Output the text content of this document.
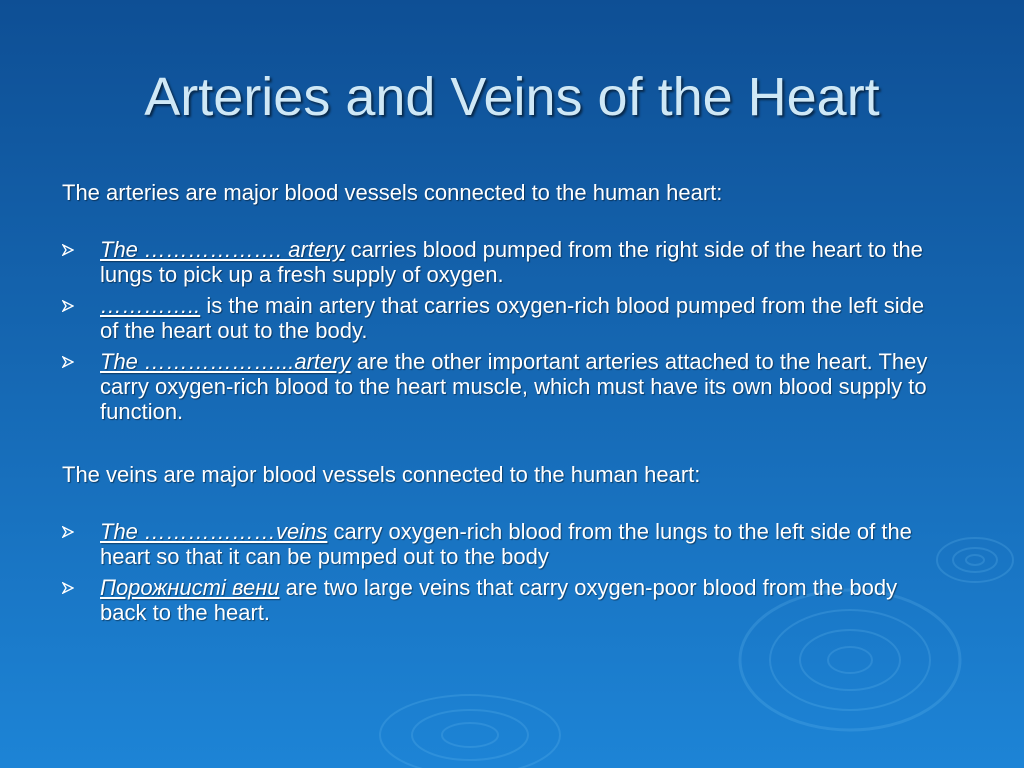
Arteries and Veins of the Heart

The arteries are major blood vessels connected to the human heart:

The ………………. artery carries blood pumped from the right side of the heart to the lungs to pick up a fresh supply of oxygen.
………….. is the main artery that carries oxygen-rich blood pumped from the left side of the heart out to the body.
The ………………...artery are the other important arteries attached to the heart. They carry oxygen-rich blood to the heart muscle, which must have its own blood supply to function.

The veins are major blood vessels connected to the human heart:

The ………………veins carry oxygen-rich blood from the lungs to the left side of the heart so that it can be pumped out to the body
Порожнисті вени are two large veins that carry oxygen-poor blood from the body back to the heart.
